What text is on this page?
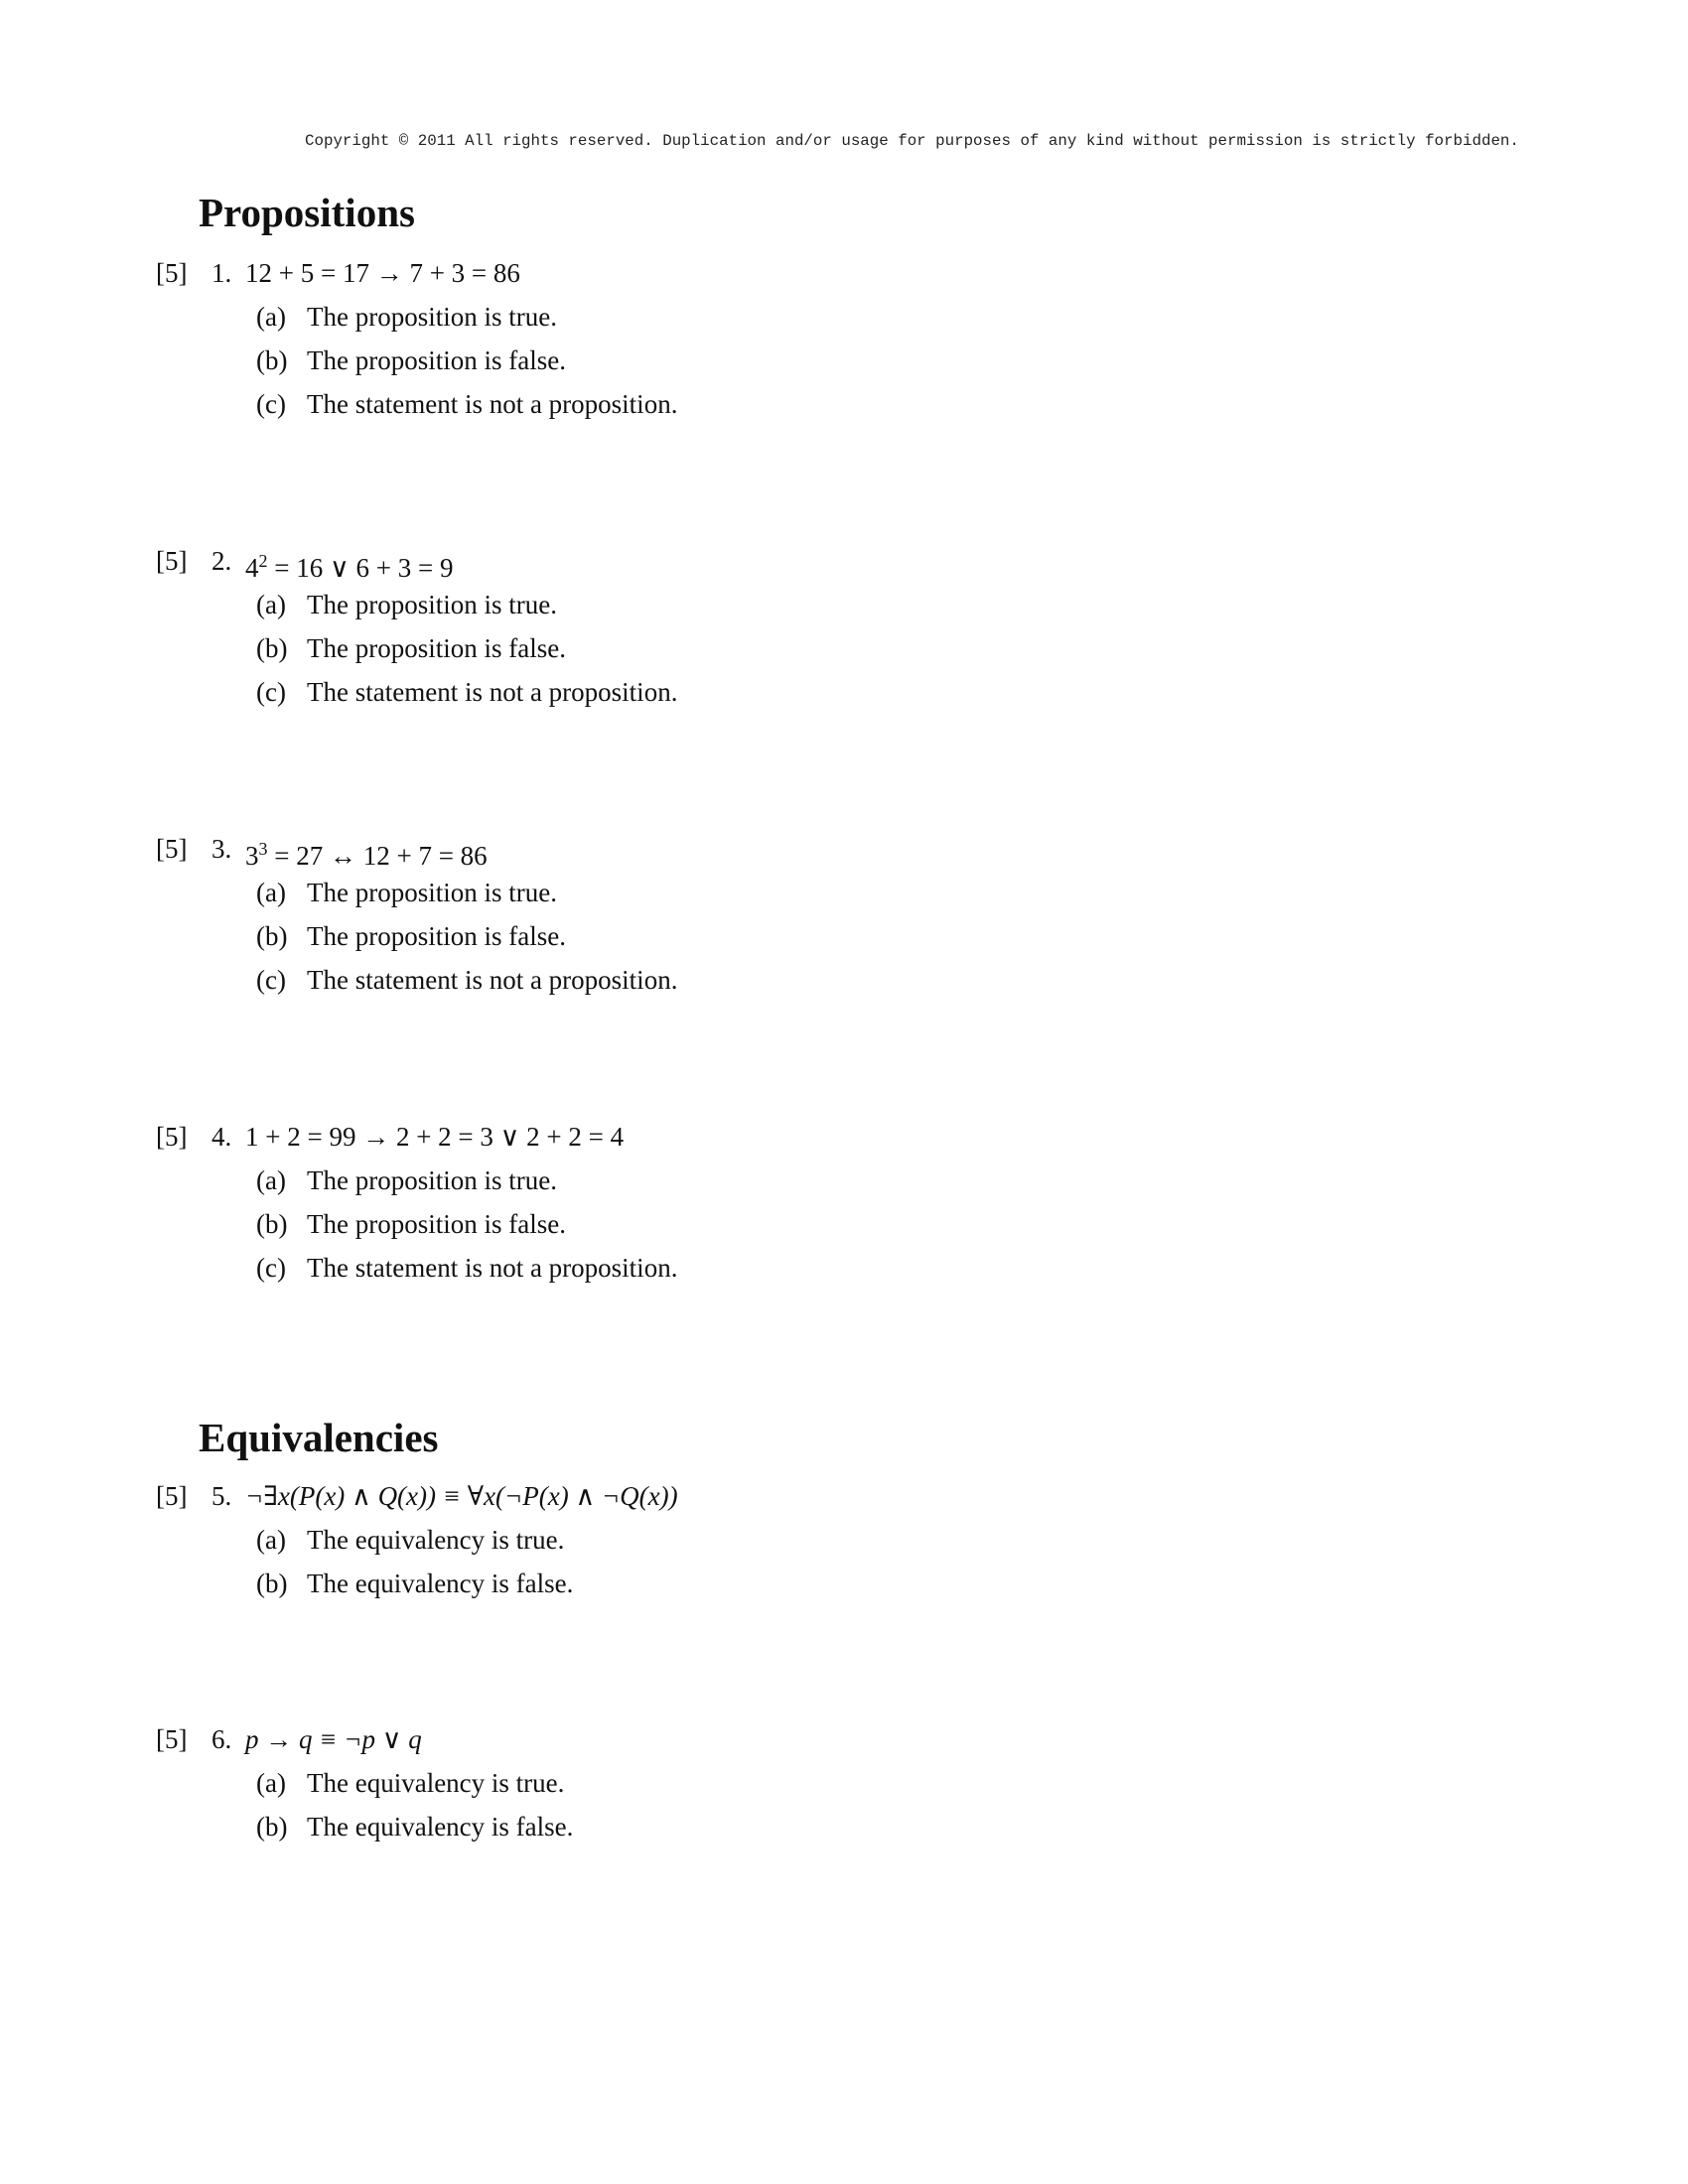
Copyright © 2011 All rights reserved. Duplication and/or usage for purposes of any kind without permission is strictly forbidden.
Propositions
[5] 1. 12 + 5 = 17 → 7 + 3 = 86
(a) The proposition is true.
(b) The proposition is false.
(c) The statement is not a proposition.
[5] 2. $4^2 = 16$ ∨ 6 + 3 = 9
(a) The proposition is true.
(b) The proposition is false.
(c) The statement is not a proposition.
[5] 3. $3^3 = 27$ ↔ 12 + 7 = 86
(a) The proposition is true.
(b) The proposition is false.
(c) The statement is not a proposition.
[5] 4. 1 + 2 = 99 → 2 + 2 = 3 ∨ 2 + 2 = 4
(a) The proposition is true.
(b) The proposition is false.
(c) The statement is not a proposition.
Equivalencies
[5] 5. ¬∃x(P(x) ∧ Q(x)) ≡ ∀x(¬P(x) ∧ ¬Q(x))
(a) The equivalency is true.
(b) The equivalency is false.
[5] 6. p → q ≡ ¬p ∨ q
(a) The equivalency is true.
(b) The equivalency is false.
